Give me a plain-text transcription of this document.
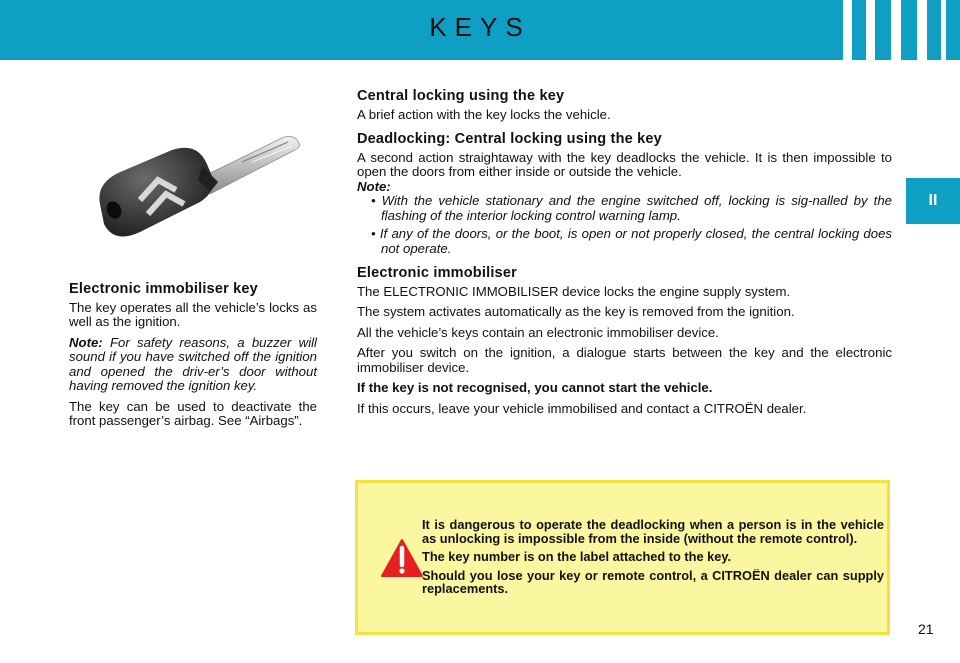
KEYS
II
Electronic immobiliser key

The key operates all the vehicle’s locks as well as the ignition.

Note: For safety reasons, a buzzer will sound if you have switched off the ignition and opened the driv-er’s door without having removed the ignition key.

The key can be used to deactivate the front passenger’s airbag. See “Airbags”.

Central locking using the key

A brief action with the key locks the vehicle.

Deadlocking: Central locking using the key

A second action straightaway with the key deadlocks the vehicle. It is then impossible to open the doors from either inside or outside the vehicle.

Note:
• With the vehicle stationary and the engine switched off, locking is sig-nalled by the flashing of the interior locking control warning lamp.
• If any of the doors, or the boot, is open or not properly closed, the central locking does not operate.
Electronic immobiliser

The ELECTRONIC IMMOBILISER device locks the engine supply system.

The system activates automatically as the key is removed from the ignition.

All the vehicle’s keys contain an electronic immobiliser device.

After you switch on the ignition, a dialogue starts between the key and the electronic immobiliser device.

If the key is not recognised, you cannot start the vehicle.

If this occurs, leave your vehicle immobilised and contact a CITROËN dealer.

It is dangerous to operate the deadlocking when a person is in the vehicle as unlocking is impossible from the inside (without the remote control).

The key number is on the label attached to the key.

Should you lose your key or remote control, a CITROËN dealer can supply replacements.

21
